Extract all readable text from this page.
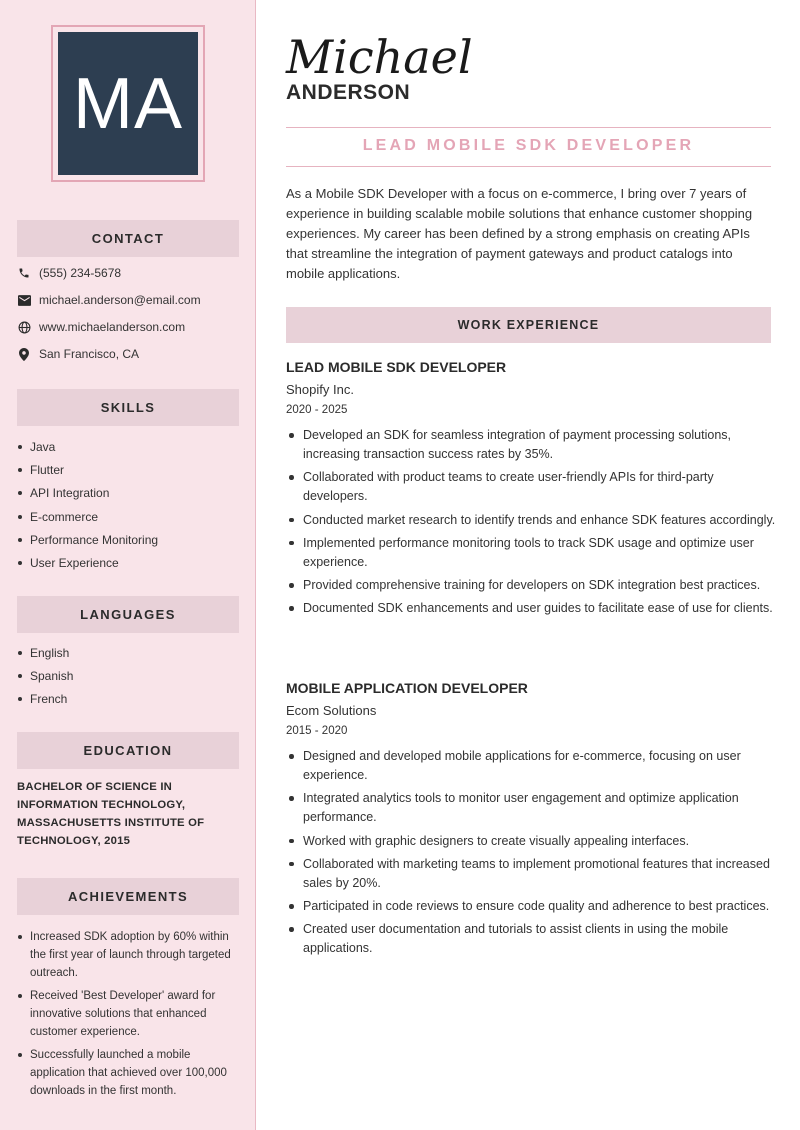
MA
CONTACT
(555) 234-5678
michael.anderson@email.com
www.michaelanderson.com
San Francisco, CA
SKILLS
Java
Flutter
API Integration
E-commerce
Performance Monitoring
User Experience
LANGUAGES
English
Spanish
French
EDUCATION
BACHELOR OF SCIENCE IN INFORMATION TECHNOLOGY, MASSACHUSETTS INSTITUTE OF TECHNOLOGY, 2015
ACHIEVEMENTS
Increased SDK adoption by 60% within the first year of launch through targeted outreach.
Received 'Best Developer' award for innovative solutions that enhanced customer experience.
Successfully launched a mobile application that achieved over 100,000 downloads in the first month.
Michael
ANDERSON
LEAD MOBILE SDK DEVELOPER

As a Mobile SDK Developer with a focus on e-commerce, I bring over 7 years of experience in building scalable mobile solutions that enhance customer shopping experiences. My career has been defined by a strong emphasis on creating APIs that streamline the integration of payment gateways and product catalogs into mobile applications.

WORK EXPERIENCE
LEAD MOBILE SDK DEVELOPER
Shopify Inc.
2020 - 2025
Developed an SDK for seamless integration of payment processing solutions, increasing transaction success rates by 35%.
Collaborated with product teams to create user-friendly APIs for third-party developers.
Conducted market research to identify trends and enhance SDK features accordingly.
Implemented performance monitoring tools to track SDK usage and optimize user experience.
Provided comprehensive training for developers on SDK integration best practices.
Documented SDK enhancements and user guides to facilitate ease of use for clients.
MOBILE APPLICATION DEVELOPER
Ecom Solutions
2015 - 2020
Designed and developed mobile applications for e-commerce, focusing on user experience.
Integrated analytics tools to monitor user engagement and optimize application performance.
Worked with graphic designers to create visually appealing interfaces.
Collaborated with marketing teams to implement promotional features that increased sales by 20%.
Participated in code reviews to ensure code quality and adherence to best practices.
Created user documentation and tutorials to assist clients in using the mobile applications.
